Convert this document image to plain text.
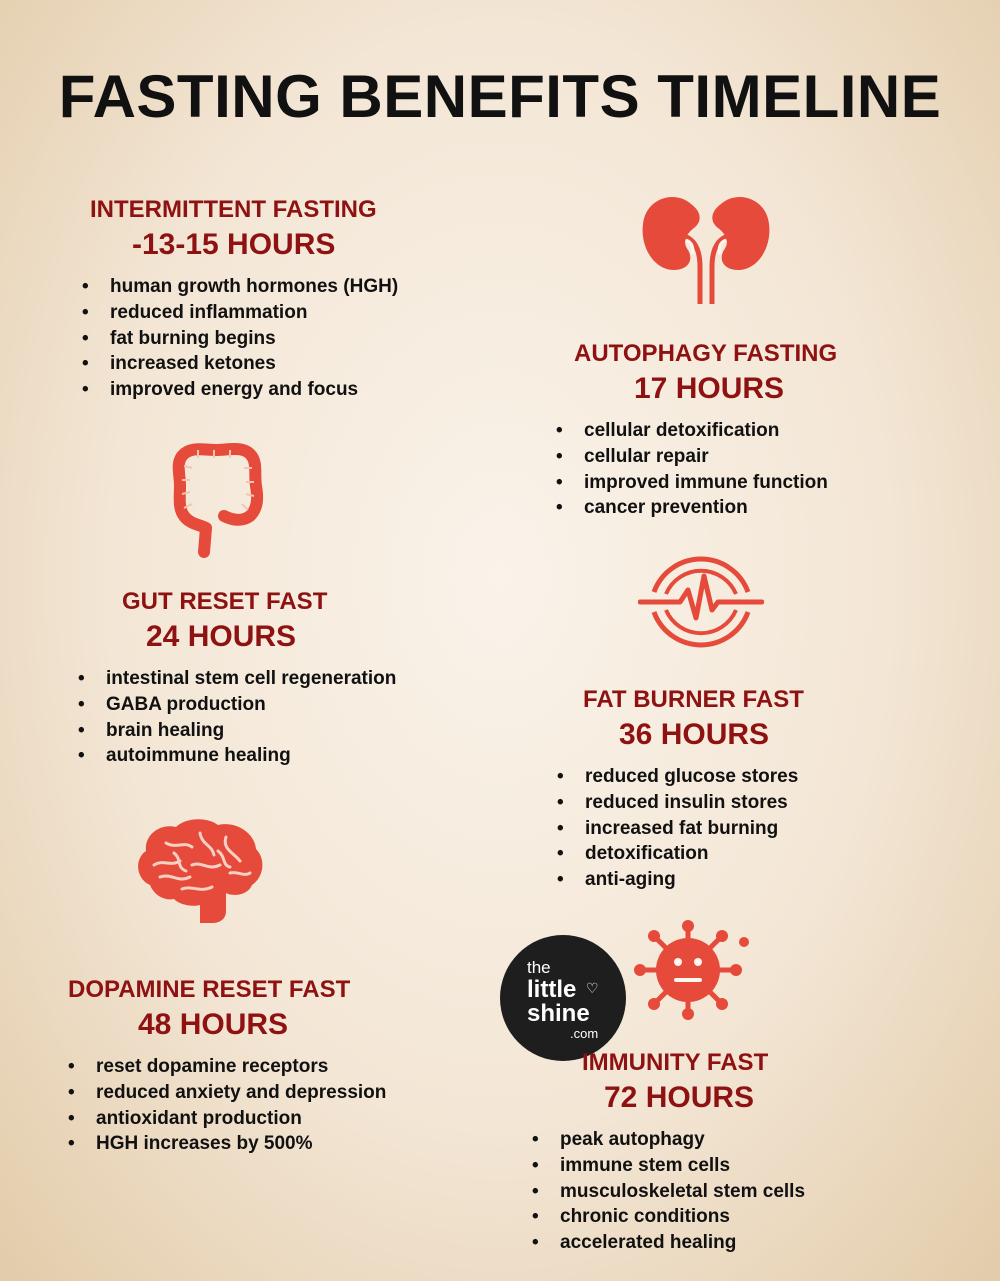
FASTING BENEFITS TIMELINE
INTERMITTENT FASTING
-13-15 HOURS
• human growth hormones (HGH)
• reduced inflammation
• fat burning begins
• increased ketones
• improved energy and focus
AUTOPHAGY FASTING
17 HOURS
• cellular detoxification
• cellular repair
• improved immune function
• cancer prevention
GUT RESET FAST
24 HOURS
• intestinal stem cell regeneration
• GABA production
• brain healing
• autoimmune healing
FAT BURNER FAST
36 HOURS
• reduced glucose stores
• reduced insulin stores
• increased fat burning
• detoxification
• anti-aging
the
little ♡
shine
.com
DOPAMINE RESET FAST
48 HOURS
• reset dopamine receptors
• reduced anxiety and depression
• antioxidant production
• HGH increases by 500%
IMMUNITY FAST
72 HOURS
• peak autophagy
• immune stem cells
• musculoskeletal stem cells
• chronic conditions
• accelerated healing
